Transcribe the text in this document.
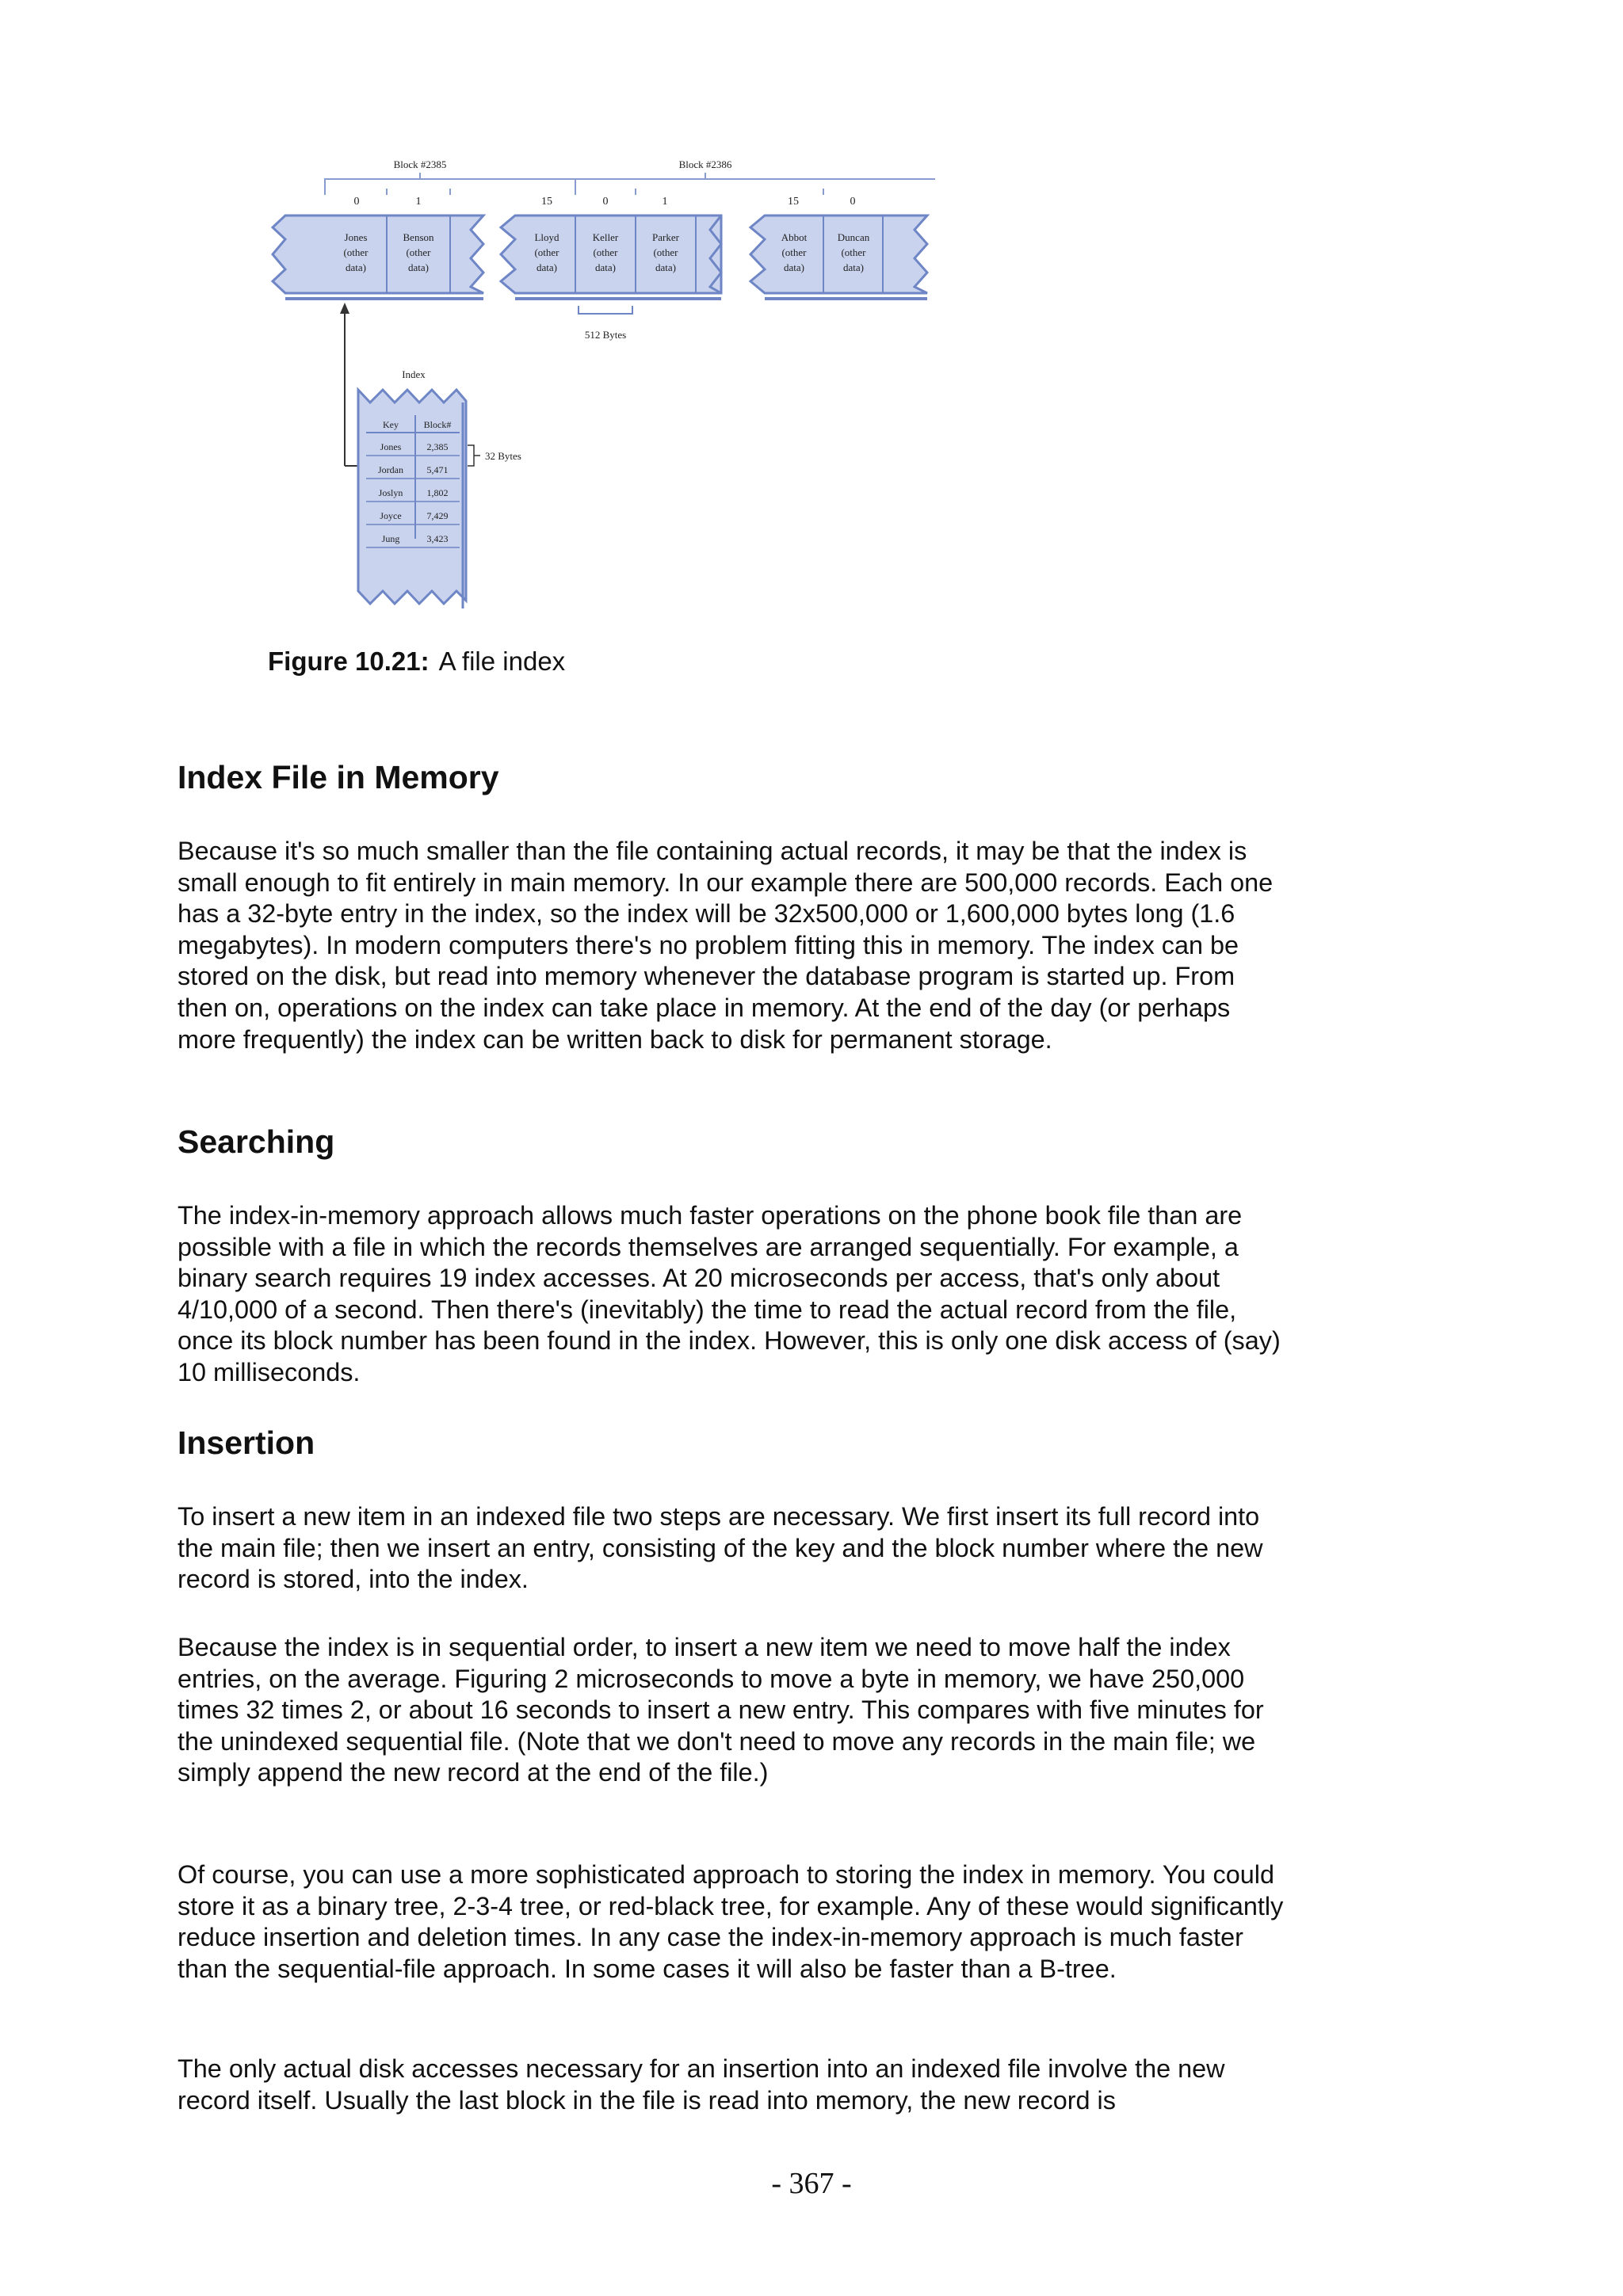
Block #2385	Block #2386
0	1	15	0	1	15	0
Jones
(other
data)
Benson
(other
data)
Lloyd
(other
data)
Keller
(other
data)
Parker
(other
data)
Abbot
(other
data)
Duncan
(other
data)
512 Bytes
Index
Key	Block#
Jones	2,385
Jordan 5,471
Joslyn	1,802
Joyce	7,429
Jung	3,423
32 Bytes
Figure 10.21: A file index
Index File in Memory

Because it's so much smaller than the file containing actual records, it may be that the index is small enough to fit entirely in main memory. In our example there are 500,000 records. Each one has a 32-byte entry in the index, so the index will be 32x500,000 or 1,600,000 bytes long (1.6 megabytes). In modern computers there's no problem fitting this in memory. The index can be stored on the disk, but read into memory whenever the database program is started up. From then on, operations on the index can take place in memory. At the end of the day (or perhaps more frequently) the index can be written back to disk for permanent storage.

Searching

The index-in-memory approach allows much faster operations on the phone book file than are possible with a file in which the records themselves are arranged sequentially. For example, a binary search requires 19 index accesses. At 20 microseconds per access, that's only about 4/10,000 of a second. Then there's (inevitably) the time to read the actual record from the file, once its block number has been found in the index. However, this is only one disk access of (say) 10 milliseconds.

Insertion

To insert a new item in an indexed file two steps are necessary. We first insert its full record into the main file; then we insert an entry, consisting of the key and the block number where the new record is stored, into the index.

Because the index is in sequential order, to insert a new item we need to move half the index entries, on the average. Figuring 2 microseconds to move a byte in memory, we have 250,000 times 32 times 2, or about 16 seconds to insert a new entry. This compares with five minutes for the unindexed sequential file. (Note that we don't need to move any records in the main file; we simply append the new record at the end of the file.)

Of course, you can use a more sophisticated approach to storing the index in memory. You could store it as a binary tree, 2-3-4 tree, or red-black tree, for example. Any of these would significantly reduce insertion and deletion times. In any case the index-in-memory approach is much faster than the sequential-file approach. In some cases it will also be faster than a B-tree.

The only actual disk accesses necessary for an insertion into an indexed file involve the new record itself. Usually the last block in the file is read into memory, the new record is

- 367 -
